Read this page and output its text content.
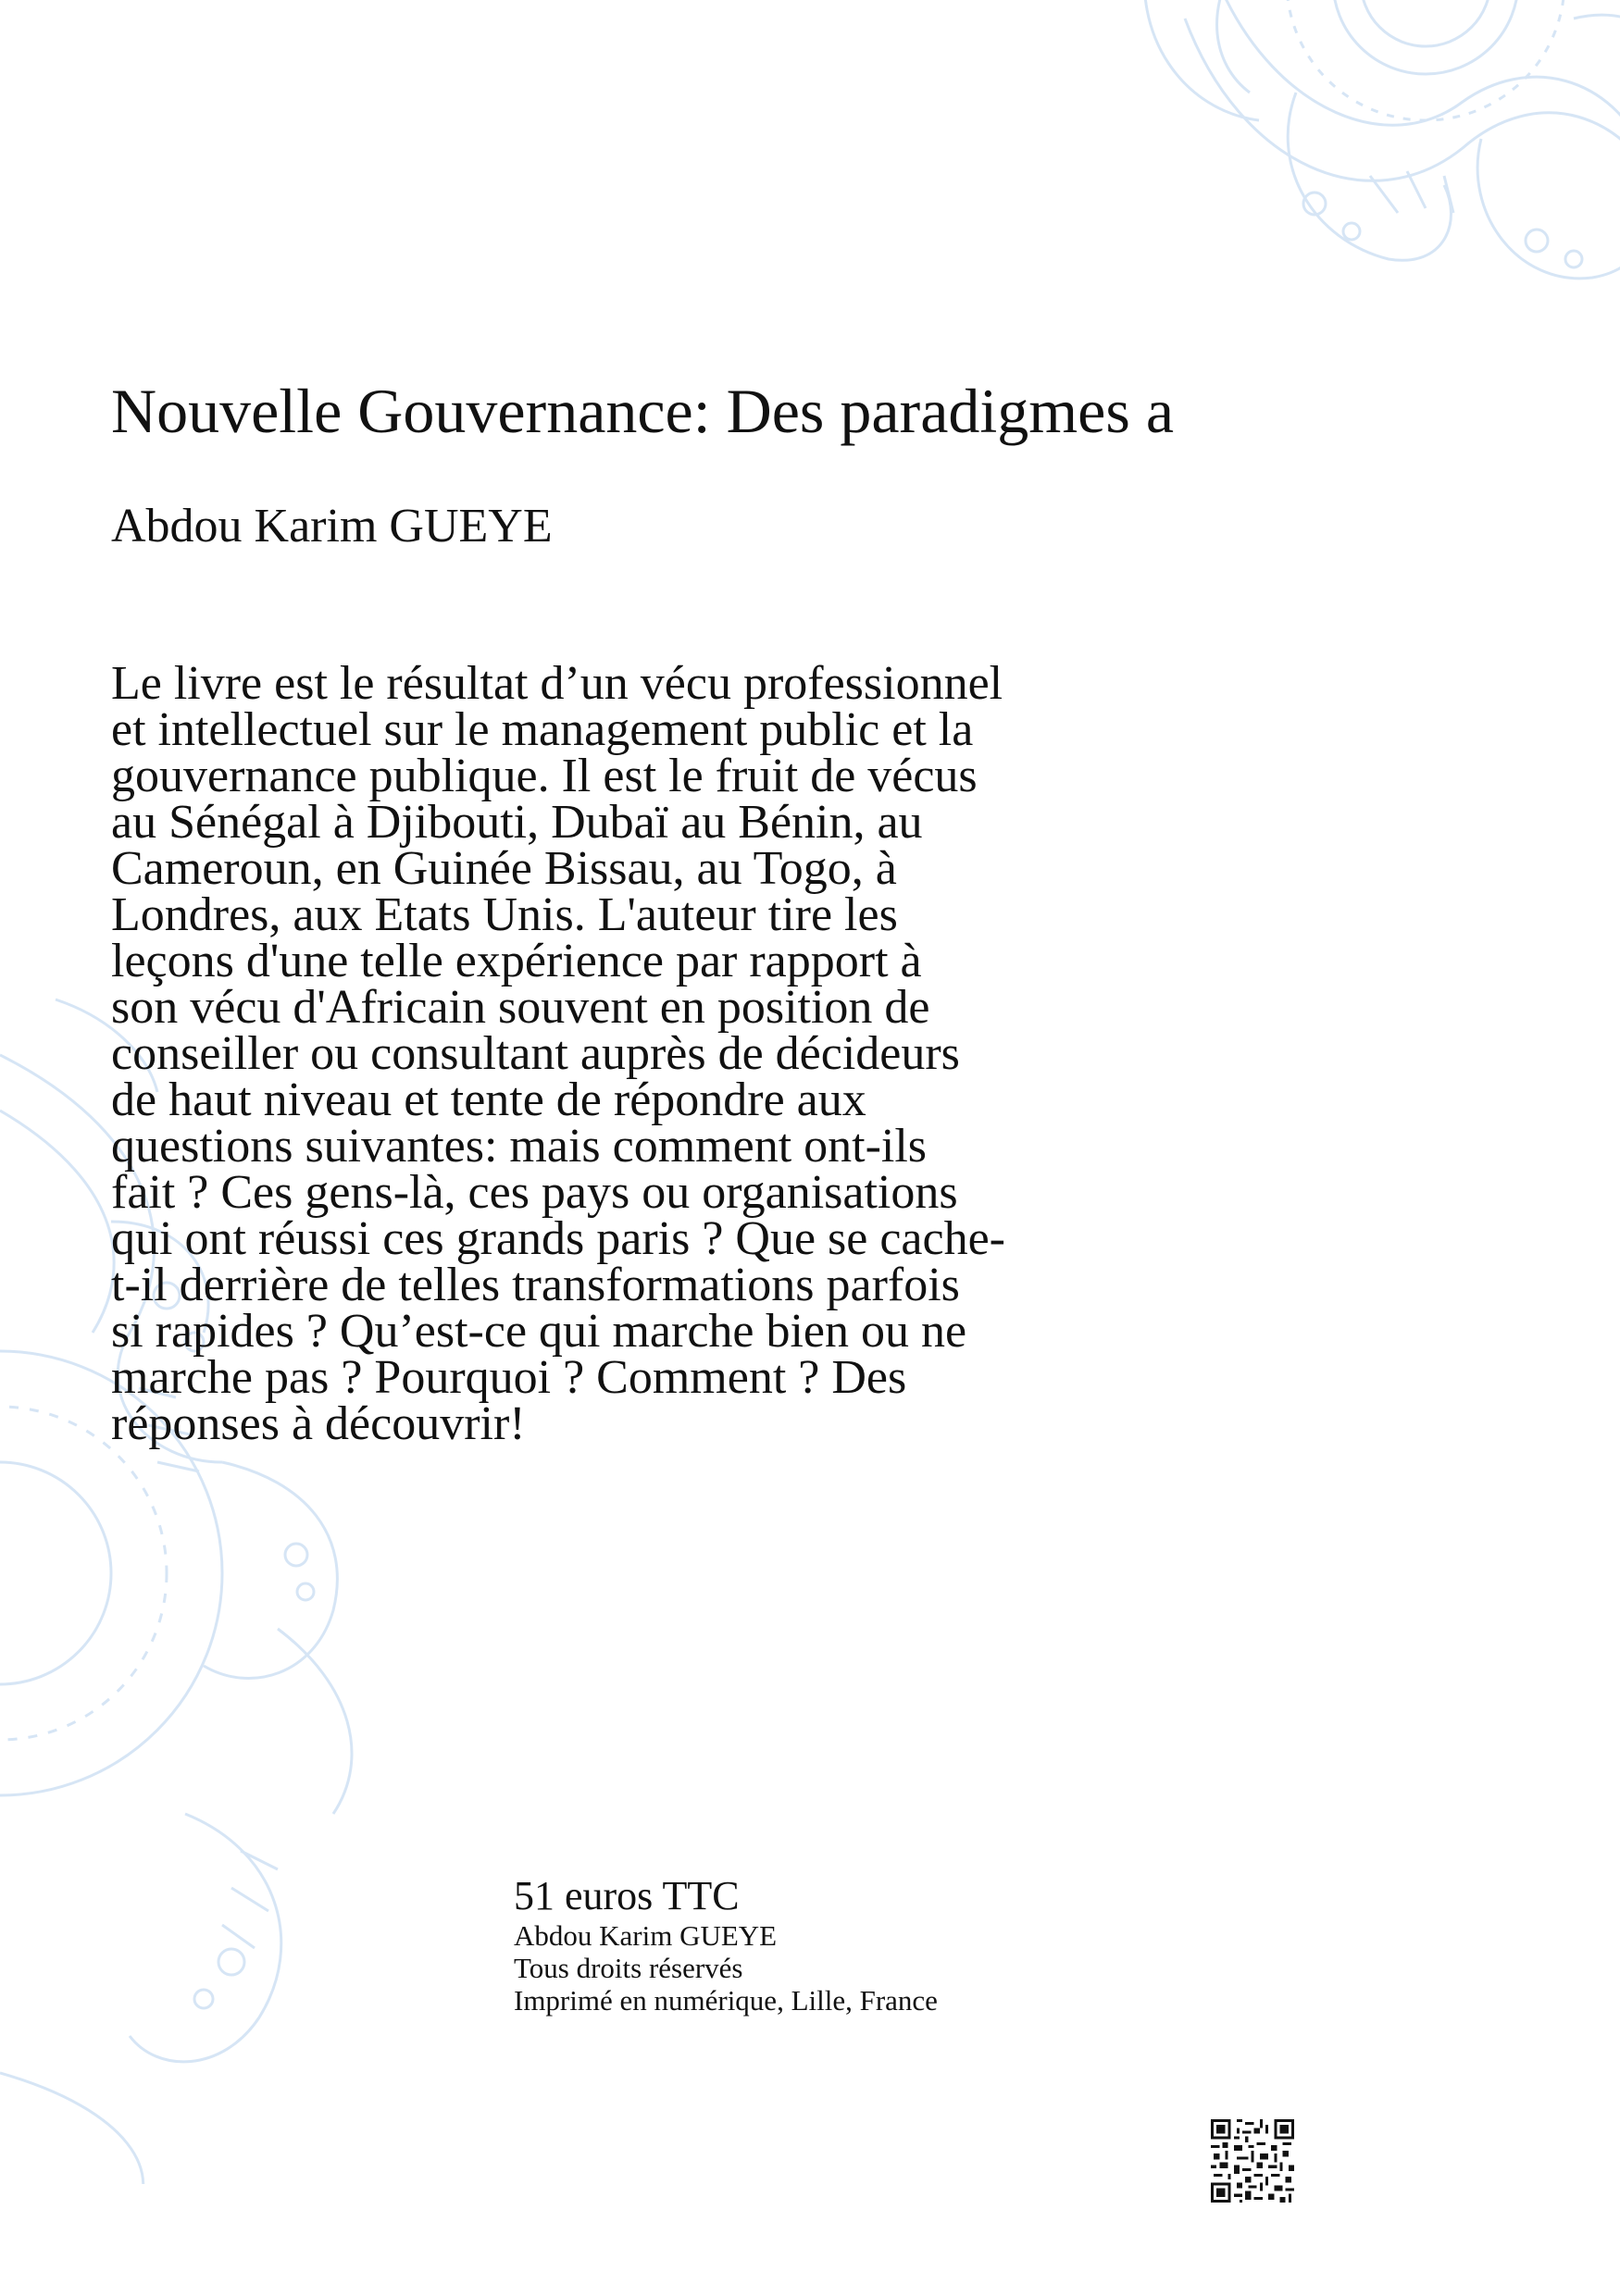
Nouvelle Gouvernance: Des paradigmes a
Abdou Karim GUEYE
Le livre est le résultat d’un vécu professionnel
et intellectuel sur le management public et la
gouvernance publique. Il est le fruit de vécus
au Sénégal à Djibouti, Dubaï au Bénin, au
Cameroun, en Guinée Bissau, au Togo, à
Londres, aux Etats Unis. L'auteur tire les
leçons d'une telle expérience par rapport à
son vécu d'Africain souvent en position de
conseiller ou consultant auprès de décideurs
de haut niveau et tente de répondre aux
questions suivantes: mais comment ont-ils
fait ? Ces gens-là, ces pays ou organisations
qui ont réussi ces grands paris ? Que se cache-
t-il derrière de telles transformations parfois
si rapides ? Qu’est-ce qui marche bien ou ne
marche pas ? Pourquoi ? Comment ? Des
réponses à découvrir!
51 euros TTC
Abdou Karim GUEYE
Tous droits réservés
Imprimé en numérique, Lille, France
